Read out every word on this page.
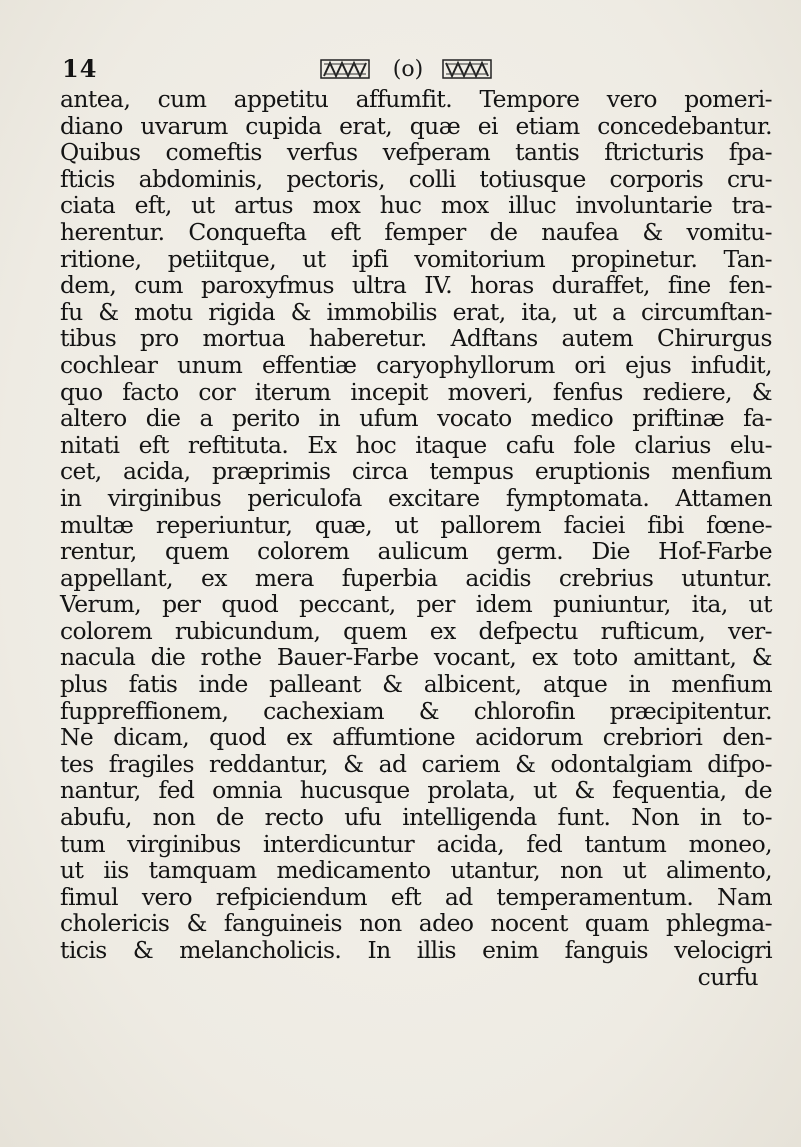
14	(o)
antea, cum appetitu affumfit. Tempore vero pomeri-
diano uvarum cupida erat, quæ ei etiam concedebantur.
Quibus comeftis verfus vefperam tantis ftricturis fpa-
fticis abdominis, pectoris, colli totiusque corporis cru-
ciata eft, ut artus mox huc mox illuc involuntarie tra-
herentur. Conquefta eft femper de naufea & vomitu-
ritione, petiitque, ut ipfi vomitorium propinetur. Tan-
dem, cum paroxyfmus ultra IV. horas duraffet, fine fen-
fu & motu rigida & immobilis erat, ita, ut a circumftan-
tibus pro mortua haberetur. Adftans autem Chirurgus
cochlear unum effentiæ caryophyllorum ori ejus infudit,
quo facto cor iterum incepit moveri, fenfus rediere, &
altero die a perito in ufum vocato medico priftinæ fa-
nitati eft reftituta. Ex hoc itaque cafu fole clarius elu-
cet, acida, præprimis circa tempus eruptionis menfium
in virginibus periculofa excitare fymptomata. Attamen
multæ reperiuntur, quæ, ut pallorem faciei fibi fœne-
rentur, quem colorem aulicum germ. Die Hof-Farbe
appellant, ex mera fuperbia acidis crebrius utuntur.
Verum, per quod peccant, per idem puniuntur, ita, ut
colorem rubicundum, quem ex defpectu rufticum, ver-
nacula die rothe Bauer-Farbe vocant, ex toto amittant, &
plus fatis inde palleant & albicent, atque in menfium
fuppreffionem, cachexiam & chlorofin præcipitentur.
Ne dicam, quod ex affumtione acidorum crebriori den-
tes fragiles reddantur, & ad cariem & odontalgiam difpo-
nantur, fed omnia hucusque prolata, ut & fequentia, de
abufu, non de recto ufu intelligenda funt. Non in to-
tum virginibus interdicuntur acida, fed tantum moneo,
ut iis tamquam medicamento utantur, non ut alimento,
fimul vero refpiciendum eft ad temperamentum. Nam
cholericis & fanguineis non adeo nocent quam phlegma-
ticis & melancholicis. In illis enim fanguis velocigri
curfu
